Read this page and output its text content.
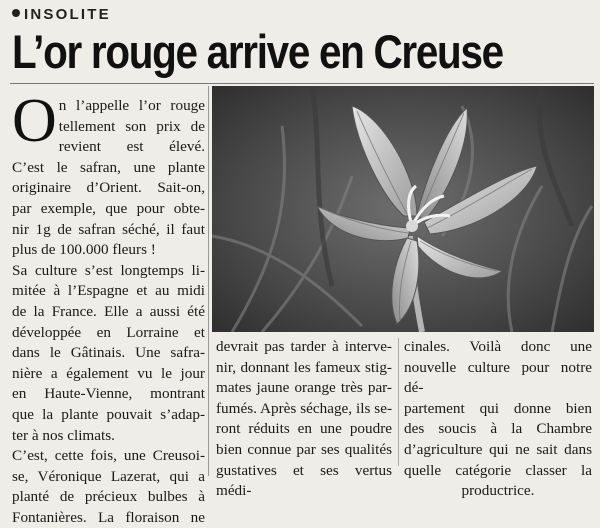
INSOLITE
L’or rouge arrive en Creuse
O n l’appelle l’or rouge
tellement son prix de
revient est élevé.
C’est le safran, une plante
originaire d’Orient. Sait-on,
par exemple, que pour obte-
nir 1g de safran séché, il faut
plus de 100.000 fleurs !
Sa culture s’est longtemps li-
mitée à l’Espagne et au midi
de la France. Elle a aussi été
développée en Lorraine et
dans le Gâtinais. Une safra-
nière a également vu le jour
en Haute-Vienne, montrant
que la plante pouvait s’adap-
ter à nos climats.
C’est, cette fois, une Creusoi-
se, Véronique Lazerat, qui a
planté de précieux bulbes à
Fontanières. La floraison ne
devrait pas tarder à interve-
nir, donnant les fameux stig-
mates jaune orange très par-
fumés. Après séchage, ils se-
ront réduits en une poudre
bien connue par ses qualités
gustatives et ses vertus médi-
cinales. Voilà donc une
nouvelle culture pour notre dé-
partement qui donne bien
des soucis à la Chambre
d’agriculture qui ne sait dans
quelle catégorie classer la
productrice.
